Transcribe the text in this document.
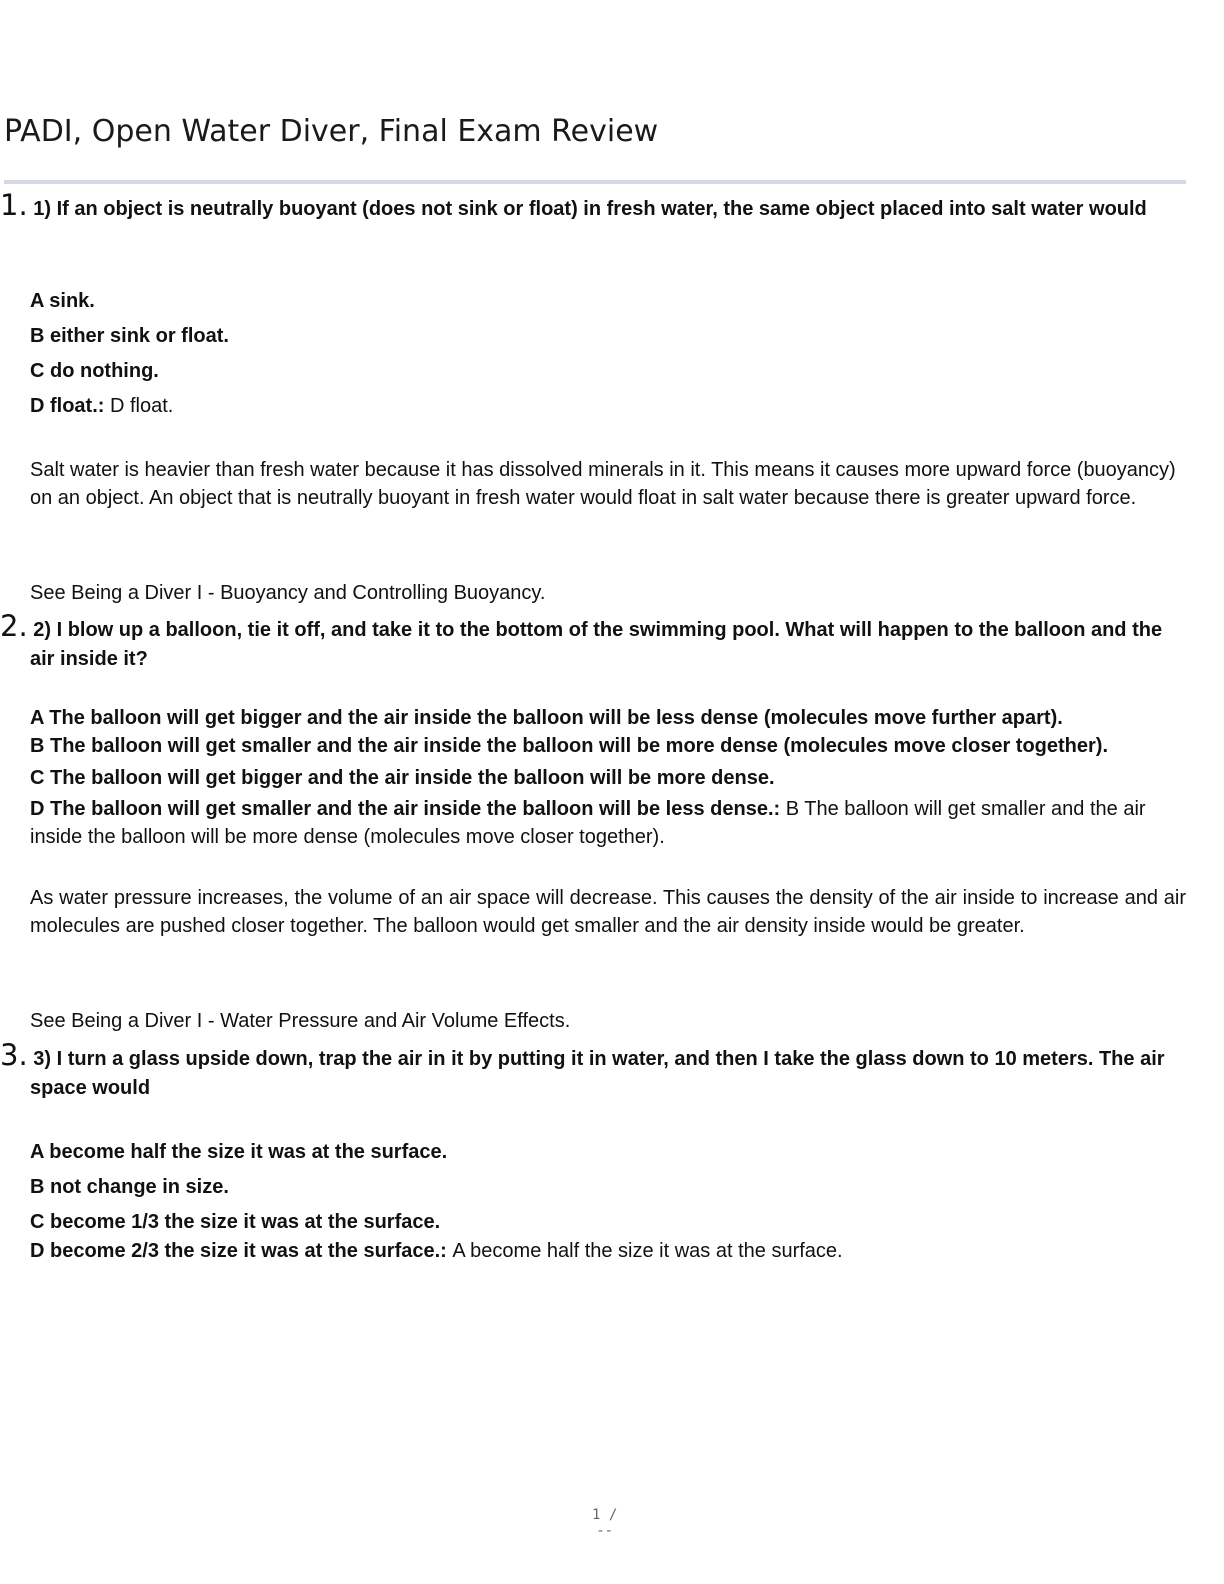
PADI, Open Water Diver, Final Exam Review

1. 1) If an object is neutrally buoyant (does not sink or float) in fresh water, the same object placed into salt water would

A sink.

B either sink or float.

C do nothing.

D float.: D float.

Salt water is heavier than fresh water because it has dissolved minerals in it. This means it causes more upward force (buoyancy) on an object. An object that is neutrally buoyant in fresh water would float in salt water because there is greater upward force.

See Being a Diver I - Buoyancy and Controlling Buoyancy.

2. 2) I blow up a balloon, tie it off, and take it to the bottom of the swimming pool. What will happen to the balloon and the air inside it?

A The balloon will get bigger and the air inside the balloon will be less dense (molecules move further apart).

B The balloon will get smaller and the air inside the balloon will be more dense (molecules move closer together).

C The balloon will get bigger and the air inside the balloon will be more dense.

D The balloon will get smaller and the air inside the balloon will be less dense.: B The balloon will get smaller and the air inside the balloon will be more dense (molecules move closer together).

As water pressure increases, the volume of an air space will decrease. This causes the density of the air inside to increase and air molecules are pushed closer together. The balloon would get smaller and the air density inside would be greater.

See Being a Diver I - Water Pressure and Air Volume Effects.

3. 3) I turn a glass upside down, trap the air in it by putting it in water, and then I take the glass down to 10 meters. The air space would

A become half the size it was at the surface.

B not change in size.

C become 1/3 the size it was at the surface.

D become 2/3 the size it was at the surface.: A become half the size it was at the surface.

1 /
--
